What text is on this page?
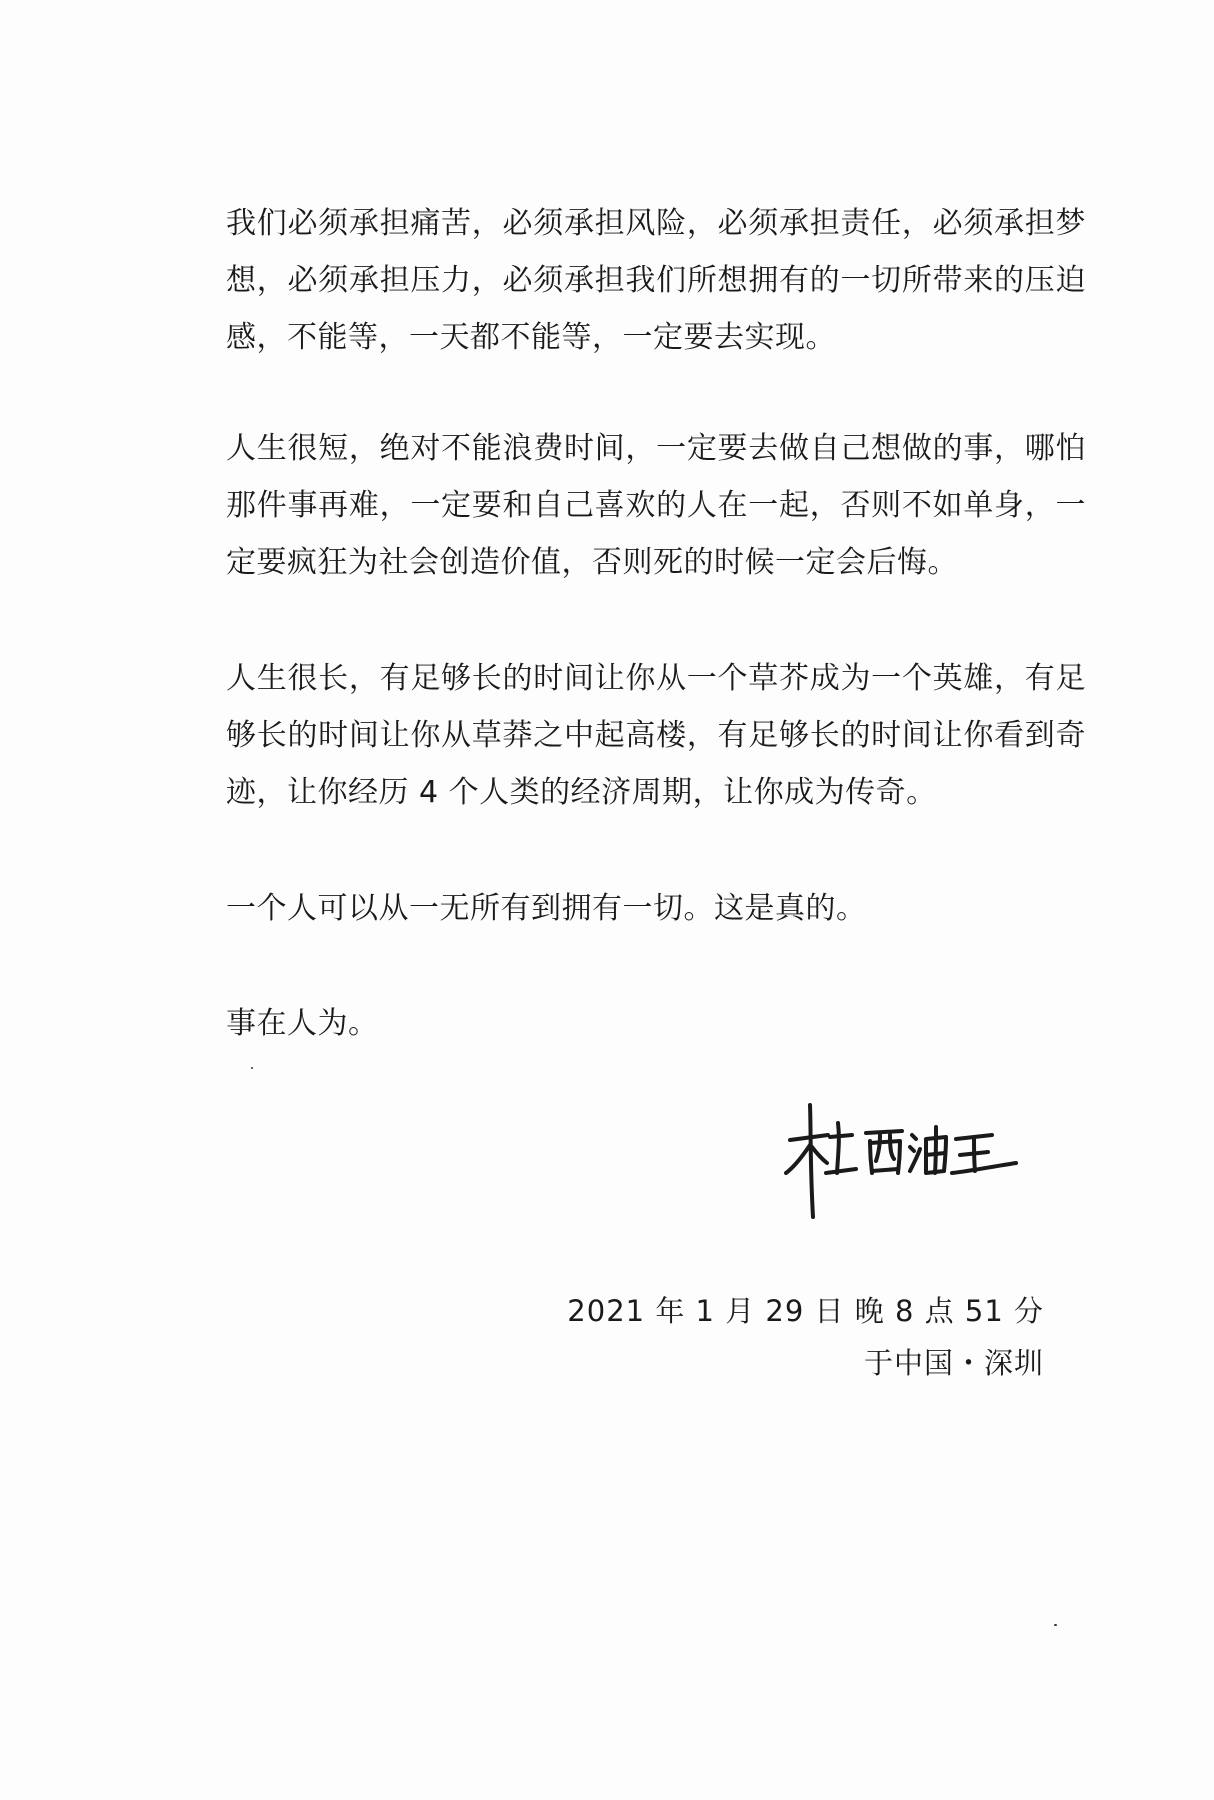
我们必须承担痛苦，必须承担风险，必须承担责任，必须承担梦想，必须承担压力，必须承担我们所想拥有的一切所带来的压迫感，不能等，一天都不能等，一定要去实现。

人生很短，绝对不能浪费时间，一定要去做自己想做的事，哪怕那件事再难，一定要和自己喜欢的人在一起，否则不如单身，一定要疯狂为社会创造价值，否则死的时候一定会后悔。

人生很长，有足够长的时间让你从一个草芥成为一个英雄，有足够长的时间让你从草莽之中起高楼，有足够长的时间让你看到奇迹，让你经历 4 个人类的经济周期，让你成为传奇。

一个人可以从一无所有到拥有一切。这是真的。

事在人为。

2021 年 1 月 29 日 晚 8 点 51 分
于中国・深圳
